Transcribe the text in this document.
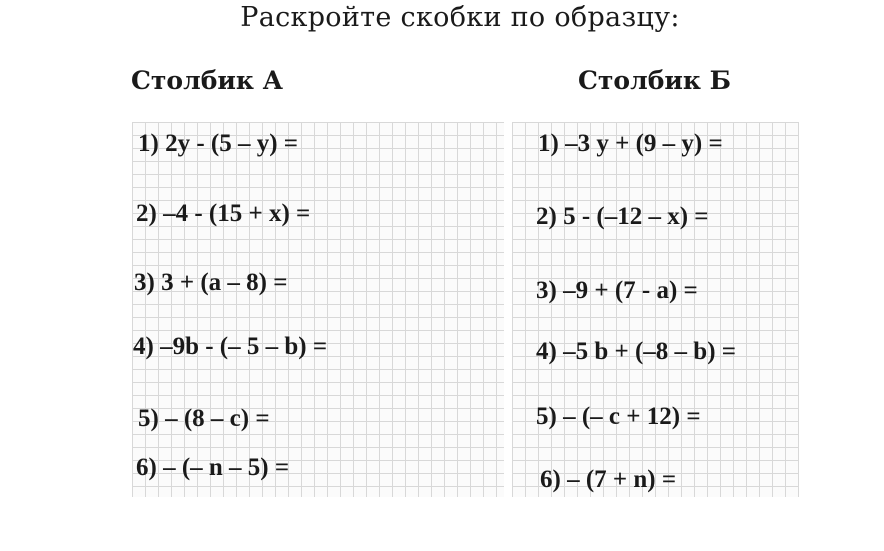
Раскройте скобки по образцу:
Столбик А	Столбик Б
1) 2y - (5 – y) =
2) –4 - (15 + x) =
3) 3 + (a – 8) =
4) –9b - (– 5 – b) =
5) – (8 – c) =
6) – (– n – 5) =
1) –3 y + (9 – y) =
2) 5 - (–12 – x) =
3) –9 + (7 - a) =
4) –5 b + (–8 – b) =
5) – (– c + 12) =
6) – (7 + n) =
